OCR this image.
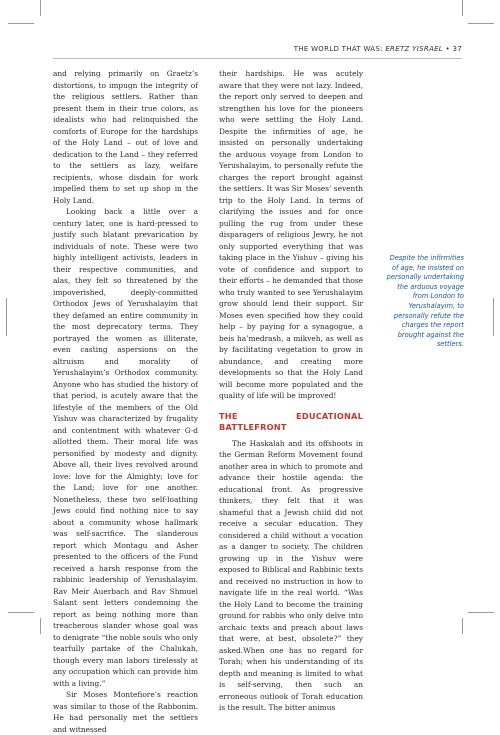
THE WORLD THAT WAS: ERETZ YISRAEL • 37

and relying primarily on Graetz’s distortions, to impugn the integrity of the religious settlers. Rather than present them in their true colors, as idealists who had relinquished the comforts of Europe for the hardships of the Holy Land – out of love and dedication to the Land – they referred to the settlers as lazy, welfare recipients, whose disdain for work impelled them to set up shop in the Holy Land.

Looking back a little over a century later, one is hard-pressed to justify such blatant prevarication by individuals of note. These were two highly intelligent activists, leaders in their respective communities, and alas, they felt so threatened by the impoverished, deeply-committed Orthodox Jews of Yerushalayim that they defamed an entire community in the most deprecatory terms. They portrayed the women as illiterate, even casting aspersions on the altruism and morality of Yerushalayim’s Orthodox community. Anyone who has studied the history of that period, is acutely aware that the lifestyle of the members of the Old Yishuv was characterized by frugality and contentment with whatever G-d allotted them. Their moral life was personified by modesty and dignity. Above all, their lives revolved around love: love for the Almighty; love for the Land; love for one another. Nonetheless, these two self-loathing Jews could find nothing nice to say about a community whose hallmark was self-sacrifice. The slanderous report which Montagu and Asher presented to the officers of the Fund received a harsh response from the rabbinic leadership of Yerushalayim. Rav Meir Auerbach and Rav Shmuel Salant sent letters condemning the report as being nothing more than treacherous slander whose goal was to denigrate “the noble souls who only tearfully partake of the Chalukah, though every man labors tirelessly at any occupation which can provide him with a living.”

Sir Moses Montefiore’s reaction was similar to those of the Rabbonim. He had personally met the settlers and witnessed

their hardships. He was acutely aware that they were not lazy. Indeed, the report only served to deepen and strengthen his love for the pioneers who were settling the Holy Land. Despite the infirmities of age, he insisted on personally undertaking the arduous voyage from London to Yerushalayim, to personally refute the charges the report brought against the settlers. It was Sir Moses’ seventh trip to the Holy Land. In terms of clarifying the issues and for once pulling the rug from under these disparagers of religious Jewry, he not only supported everything that was taking place in the Yishuv – giving his vote of confidence and support to their efforts – he demanded that those who truly wanted to see Yerushalayim grow should lend their support. Sir Moses even specified how they could help – by paying for a synagogue, a beis ha’medrash, a mikveh, as well as by facilitating vegetation to grow in abundance, and creating more developments so that the Holy Land will become more populated and the quality of life will be improved!

THE EDUCATIONAL BATTLEFRONT

The Haskalah and its offshoots in the German Reform Movement found another area in which to promote and advance their hostile agenda: the educational front. As progressive thinkers, they felt that it was shameful that a Jewish child did not receive a secular education. They considered a child without a vocation as a danger to society. The children growing up in the Yishuv were exposed to Biblical and Rabbinic texts and received no instruction in how to navigate life in the real world. “Was the Holy Land to become the training ground for rabbis who only delve into archaic texts and preach about laws that were, at best, obsolete?” they asked.When one has no regard for Torah; when his understanding of its depth and meaning is limited to what is self-serving, then such an erroneous outlook of Torah education is the result. The bitter animus

Despite the infirmities of age, he insisted on personally undertaking the arduous voyage from London to Yerushalayim, to personally refute the charges the report brought against the settlers.
